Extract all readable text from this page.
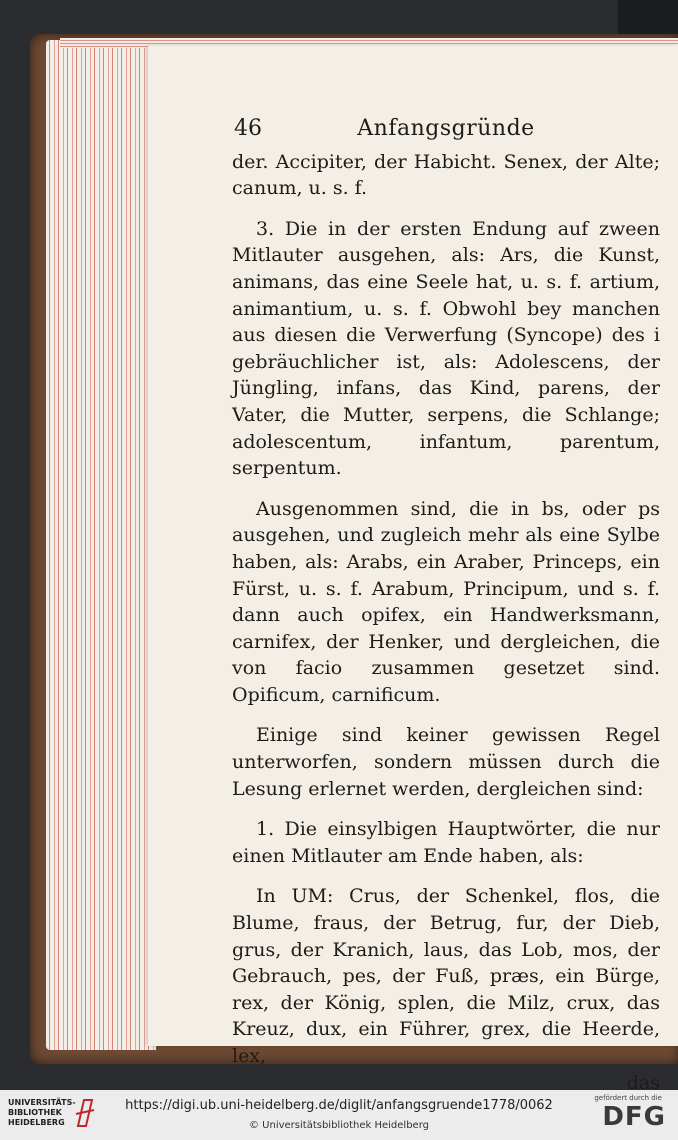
46	Anfangsgründe

der. Accipiter, der Habicht. Senex, der Alte; canum, u. s. f.

3. Die in der ersten Endung auf zween Mitlauter ausgehen, als: Ars, die Kunst, animans, das eine Seele hat, u. s. f. artium, animantium, u. s. f. Obwohl bey manchen aus diesen die Verwerfung (Syncope) des i gebräuchlicher ist, als: Adolescens, der Jüngling, infans, das Kind, parens, der Vater, die Mutter, serpens, die Schlange; adolescentum, infantum, parentum, serpentum.

Ausgenommen sind, die in bs, oder ps ausgehen, und zugleich mehr als eine Sylbe haben, als: Arabs, ein Araber, Princeps, ein Fürst, u. s. f. Arabum, Principum, und s. f. dann auch opifex, ein Handwerksmann, carnifex, der Henker, und dergleichen, die von facio zusammen gesetzet sind. Opificum, carnificum.

Einige sind keiner gewissen Regel unterworfen, sondern müssen durch die Lesung erlernet werden, dergleichen sind:

1. Die einsylbigen Hauptwörter, die nur einen Mitlauter am Ende haben, als:

In UM: Crus, der Schenkel, flos, die Blume, fraus, der Betrug, fur, der Dieb, grus, der Kranich, laus, das Lob, mos, der Gebrauch, pes, der Fuß, præs, ein Bürge, rex, der König, splen, die Milz, crux, das Kreuz, dux, ein Führer, grex, die Heerde, lex,

das

UNIVERSITÄTS-
BIBLIOTHEK
HEIDELBERG
https://digi.ub.uni-heidelberg.de/diglit/anfangsgruende1778/0062
© Universitätsbibliothek Heidelberg
gefördert durch die
DFG
